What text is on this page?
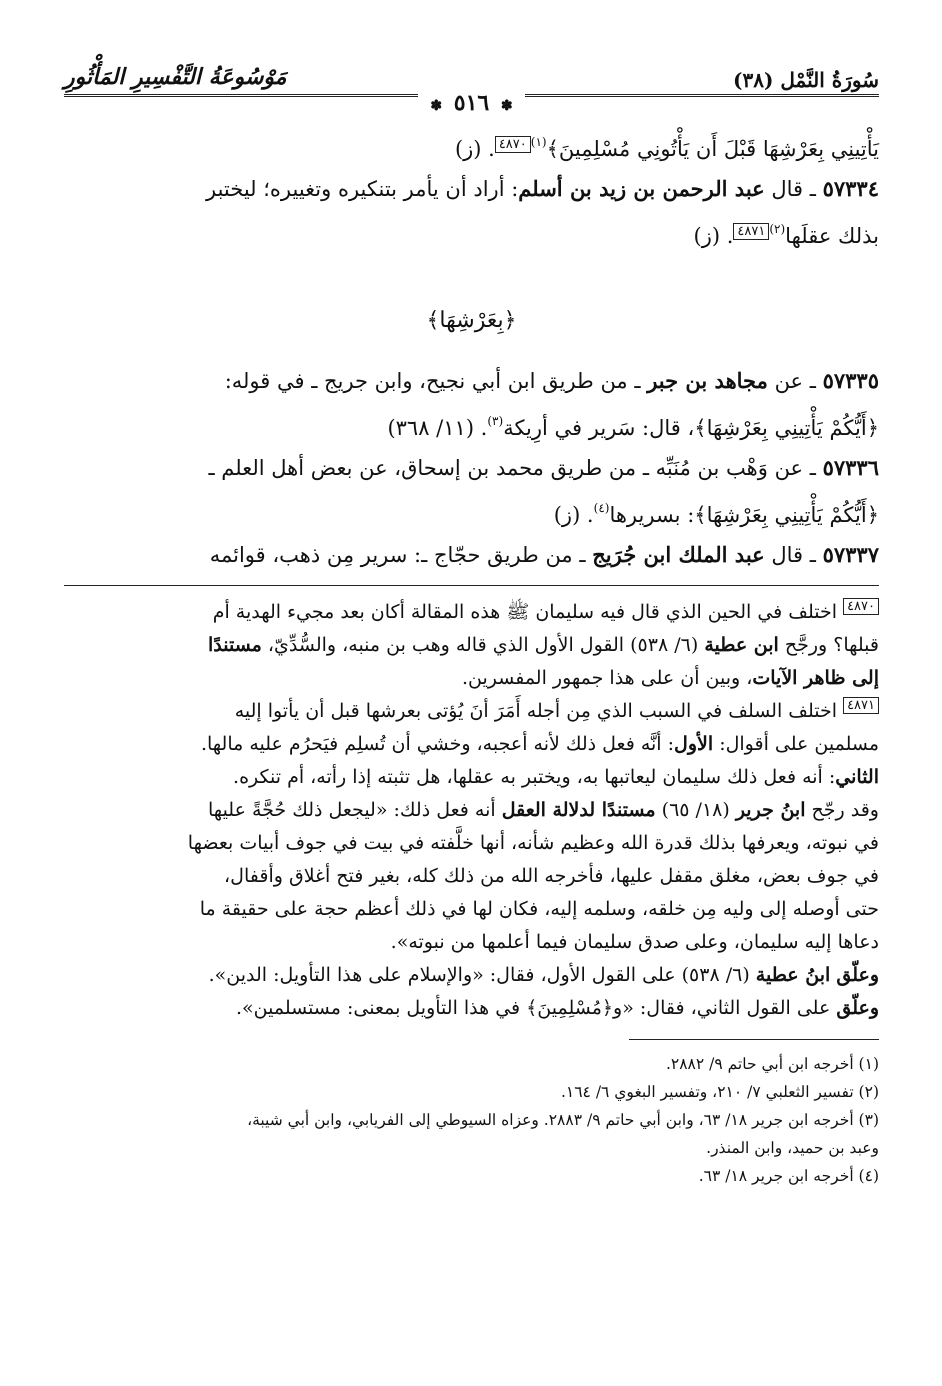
سُورَةُ النَّمْل (٣٨)
مَوْسُوعَةُ التَّفْسِيرِ المَأْثُورِ
✽ ٥١٦ ✽

يَأْتِينِي بِعَرْشِهَا قَبْلَ أَن يَأْتُونِي مُسْلِمِينَ﴾$^{(١)}$٤٨٧٠. (ز)

٥٧٣٣٤ ـ قال عبد الرحمن بن زيد بن أسلم: أراد أن يأمر بتنكيره وتغييره؛ ليختبر

بذلك عقلَها$^{(٢)}$٤٨٧١. (ز)

﴿بِعَرْشِهَا﴾

٥٧٣٣٥ ـ عن مجاهد بن جبر ـ من طريق ابن أبي نجيح، وابن جريج ـ في قوله:

﴿أَيُّكُمْ يَأْتِينِي بِعَرْشِهَا﴾، قال: سَرير في أرِيكة$^{(٣)}$. (١١/ ٣٦٨)

٥٧٣٣٦ ـ عن وَهْب بن مُنَبِّه ـ من طريق محمد بن إسحاق، عن بعض أهل العلم ـ

﴿أَيُّكُمْ يَأْتِينِي بِعَرْشِهَا﴾: بسريرها$^{(٤)}$. (ز)

٥٧٣٣٧ ـ قال عبد الملك ابن جُرَيج ـ من طريق حجّاج ـ: سرير مِن ذهب، قوائمه

٤٨٧٠ اختلف في الحين الذي قال فيه سليمان ﷺ هذه المقالة أكان بعد مجيء الهدية أم

قبلها؟ ورجَّح ابن عطية (٦/ ٥٣٨) القول الأول الذي قاله وهب بن منبه، والسُّدِّيّ، مستندًا

إلى ظاهر الآيات، وبين أن على هذا جمهور المفسرين.

٤٨٧١ اختلف السلف في السبب الذي مِن أجله أَمَرَ أنَ يُؤتى بعرشها قبل أن يأتوا إليه

مسلمين على أقوال: الأول: أنَّه فعل ذلك لأنه أعجبه، وخشي أن تُسلِم فيَحرُم عليه مالها.

الثاني: أنه فعل ذلك سليمان ليعاتبها به، ويختبر به عقلها، هل تثبته إذا رأته، أم تنكره.

وقد رجّح ابنُ جرير (١٨/ ٦٥) مستندًا لدلالة العقل أنه فعل ذلك: «ليجعل ذلك حُجَّةً عليها

في نبوته، ويعرفها بذلك قدرة الله وعظيم شأنه، أنها خلَّفته في بيت في جوف أبيات بعضها

في جوف بعض، مغلق مقفل عليها، فأخرجه الله من ذلك كله، بغير فتح أغلاق وأقفال،

حتى أوصله إلى وليه مِن خلقه، وسلمه إليه، فكان لها في ذلك أعظم حجة على حقيقة ما

دعاها إليه سليمان، وعلى صدق سليمان فيما أعلمها من نبوته».

وعلّق ابنُ عطية (٦/ ٥٣٨) على القول الأول، فقال: «والإسلام على هذا التأويل: الدين».

وعلّق على القول الثاني، فقال: «و﴿مُسْلِمِينَ﴾ في هذا التأويل بمعنى: مستسلمين».

(١) أخرجه ابن أبي حاتم ٩/ ٢٨٨٢.

(٢) تفسير الثعلبي ٧/ ٢١٠، وتفسير البغوي ٦/ ١٦٤.

(٣) أخرجه ابن جرير ١٨/ ٦٣، وابن أبي حاتم ٩/ ٢٨٨٣. وعزاه السيوطي إلى الفريابي، وابن أبي شيبة،

وعبد بن حميد، وابن المنذر.

(٤) أخرجه ابن جرير ١٨/ ٦٣.
